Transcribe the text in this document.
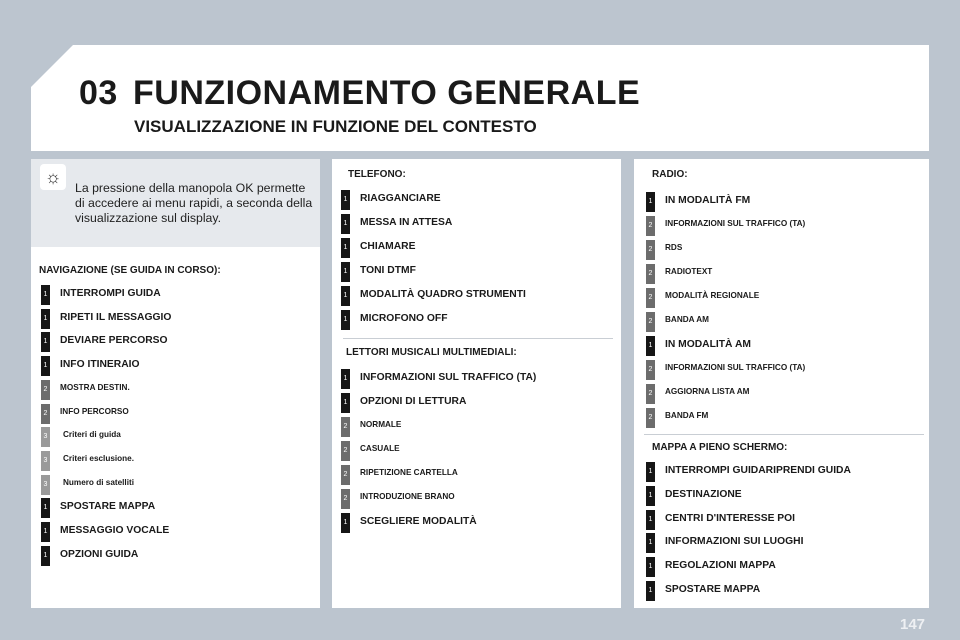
03 FUNZIONAMENTO GENERALE
VISUALIZZAZIONE IN FUNZIONE DEL CONTESTO
☼
La pressione della manopola OK permette di accedere ai menu rapidi, a seconda della visualizzazione sul display.
NAVIGAZIONE (SE GUIDA IN CORSO):
1 INTERROMPI GUIDA
1 RIPETI IL MESSAGGIO
1 DEVIARE PERCORSO
1 INFO ITINERAIO
2	MOSTRA DESTIN.
2	INFO PERCORSO
3	Criteri di guida
3	Criteri esclusione.
3	Numero di satelliti
1 SPOSTARE MAPPA
1 MESSAGGIO VOCALE
1 OPZIONI GUIDA
TELEFONO:
1 RIAGGANCIARE
1 MESSA IN ATTESA
1 CHIAMARE
1 TONI DTMF
1 MODALITÀ QUADRO STRUMENTI
1 MICROFONO OFF
LETTORI MUSICALI MULTIMEDIALI:
1 INFORMAZIONI SUL TRAFFICO (TA)
1 OPZIONI DI LETTURA
2	NORMALE
2	CASUALE
2	RIPETIZIONE CARTELLA
2	INTRODUZIONE BRANO
1 SCEGLIERE MODALITÀ
RADIO:
1 IN MODALITÀ FM
2	INFORMAZIONI SUL TRAFFICO (TA)
2	RDS
2	RADIOTEXT
2	MODALITÀ REGIONALE
2	BANDA AM
1 IN MODALITÀ AM
2	INFORMAZIONI SUL TRAFFICO (TA)
2	AGGIORNA LISTA AM
2	BANDA FM
MAPPA A PIENO SCHERMO:
1 INTERROMPI GUIDARIPRENDI GUIDA
1 DESTINAZIONE
1 CENTRI D'INTERESSE POI
1 INFORMAZIONI SUI LUOGHI
1 REGOLAZIONI MAPPA
1 SPOSTARE MAPPA
147
